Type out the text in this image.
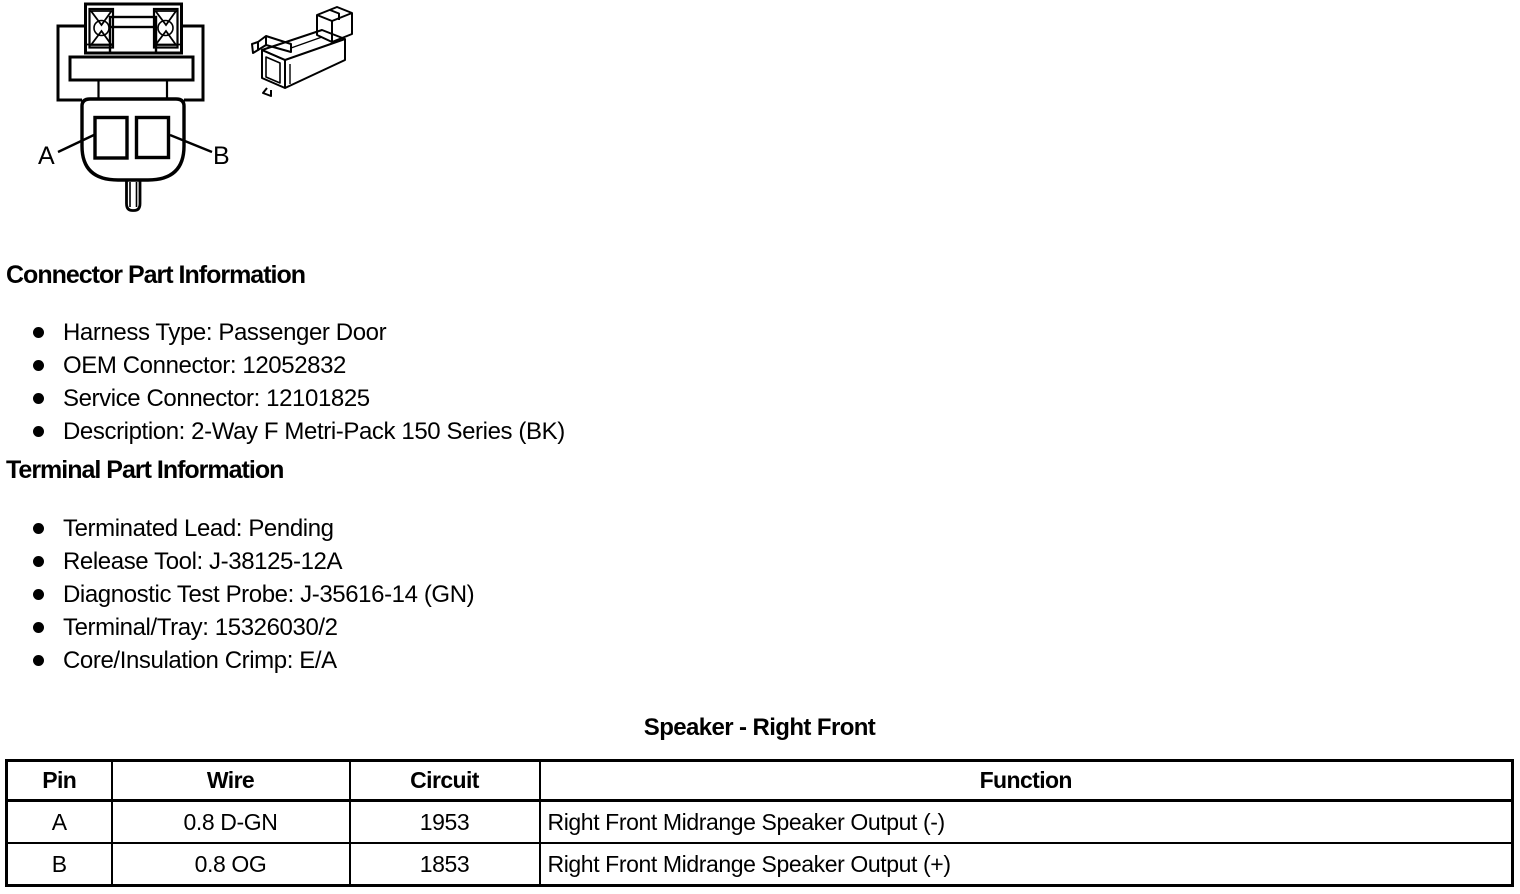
A	B
Connector Part Information
Harness Type: Passenger Door
OEM Connector: 12052832
Service Connector: 12101825
Description: 2-Way F Metri-Pack 150 Series (BK)
Terminal Part Information
Terminated Lead: Pending
Release Tool: J-38125-12A
Diagnostic Test Probe: J-35616-14 (GN)
Terminal/Tray: 15326030/2
Core/Insulation Crimp: E/A
Speaker - Right Front
Pin	Wire	Circuit	Function
A	0.8 D-GN	1953	Right Front Midrange Speaker Output (-)
B	0.8 OG	1853	Right Front Midrange Speaker Output (+)
